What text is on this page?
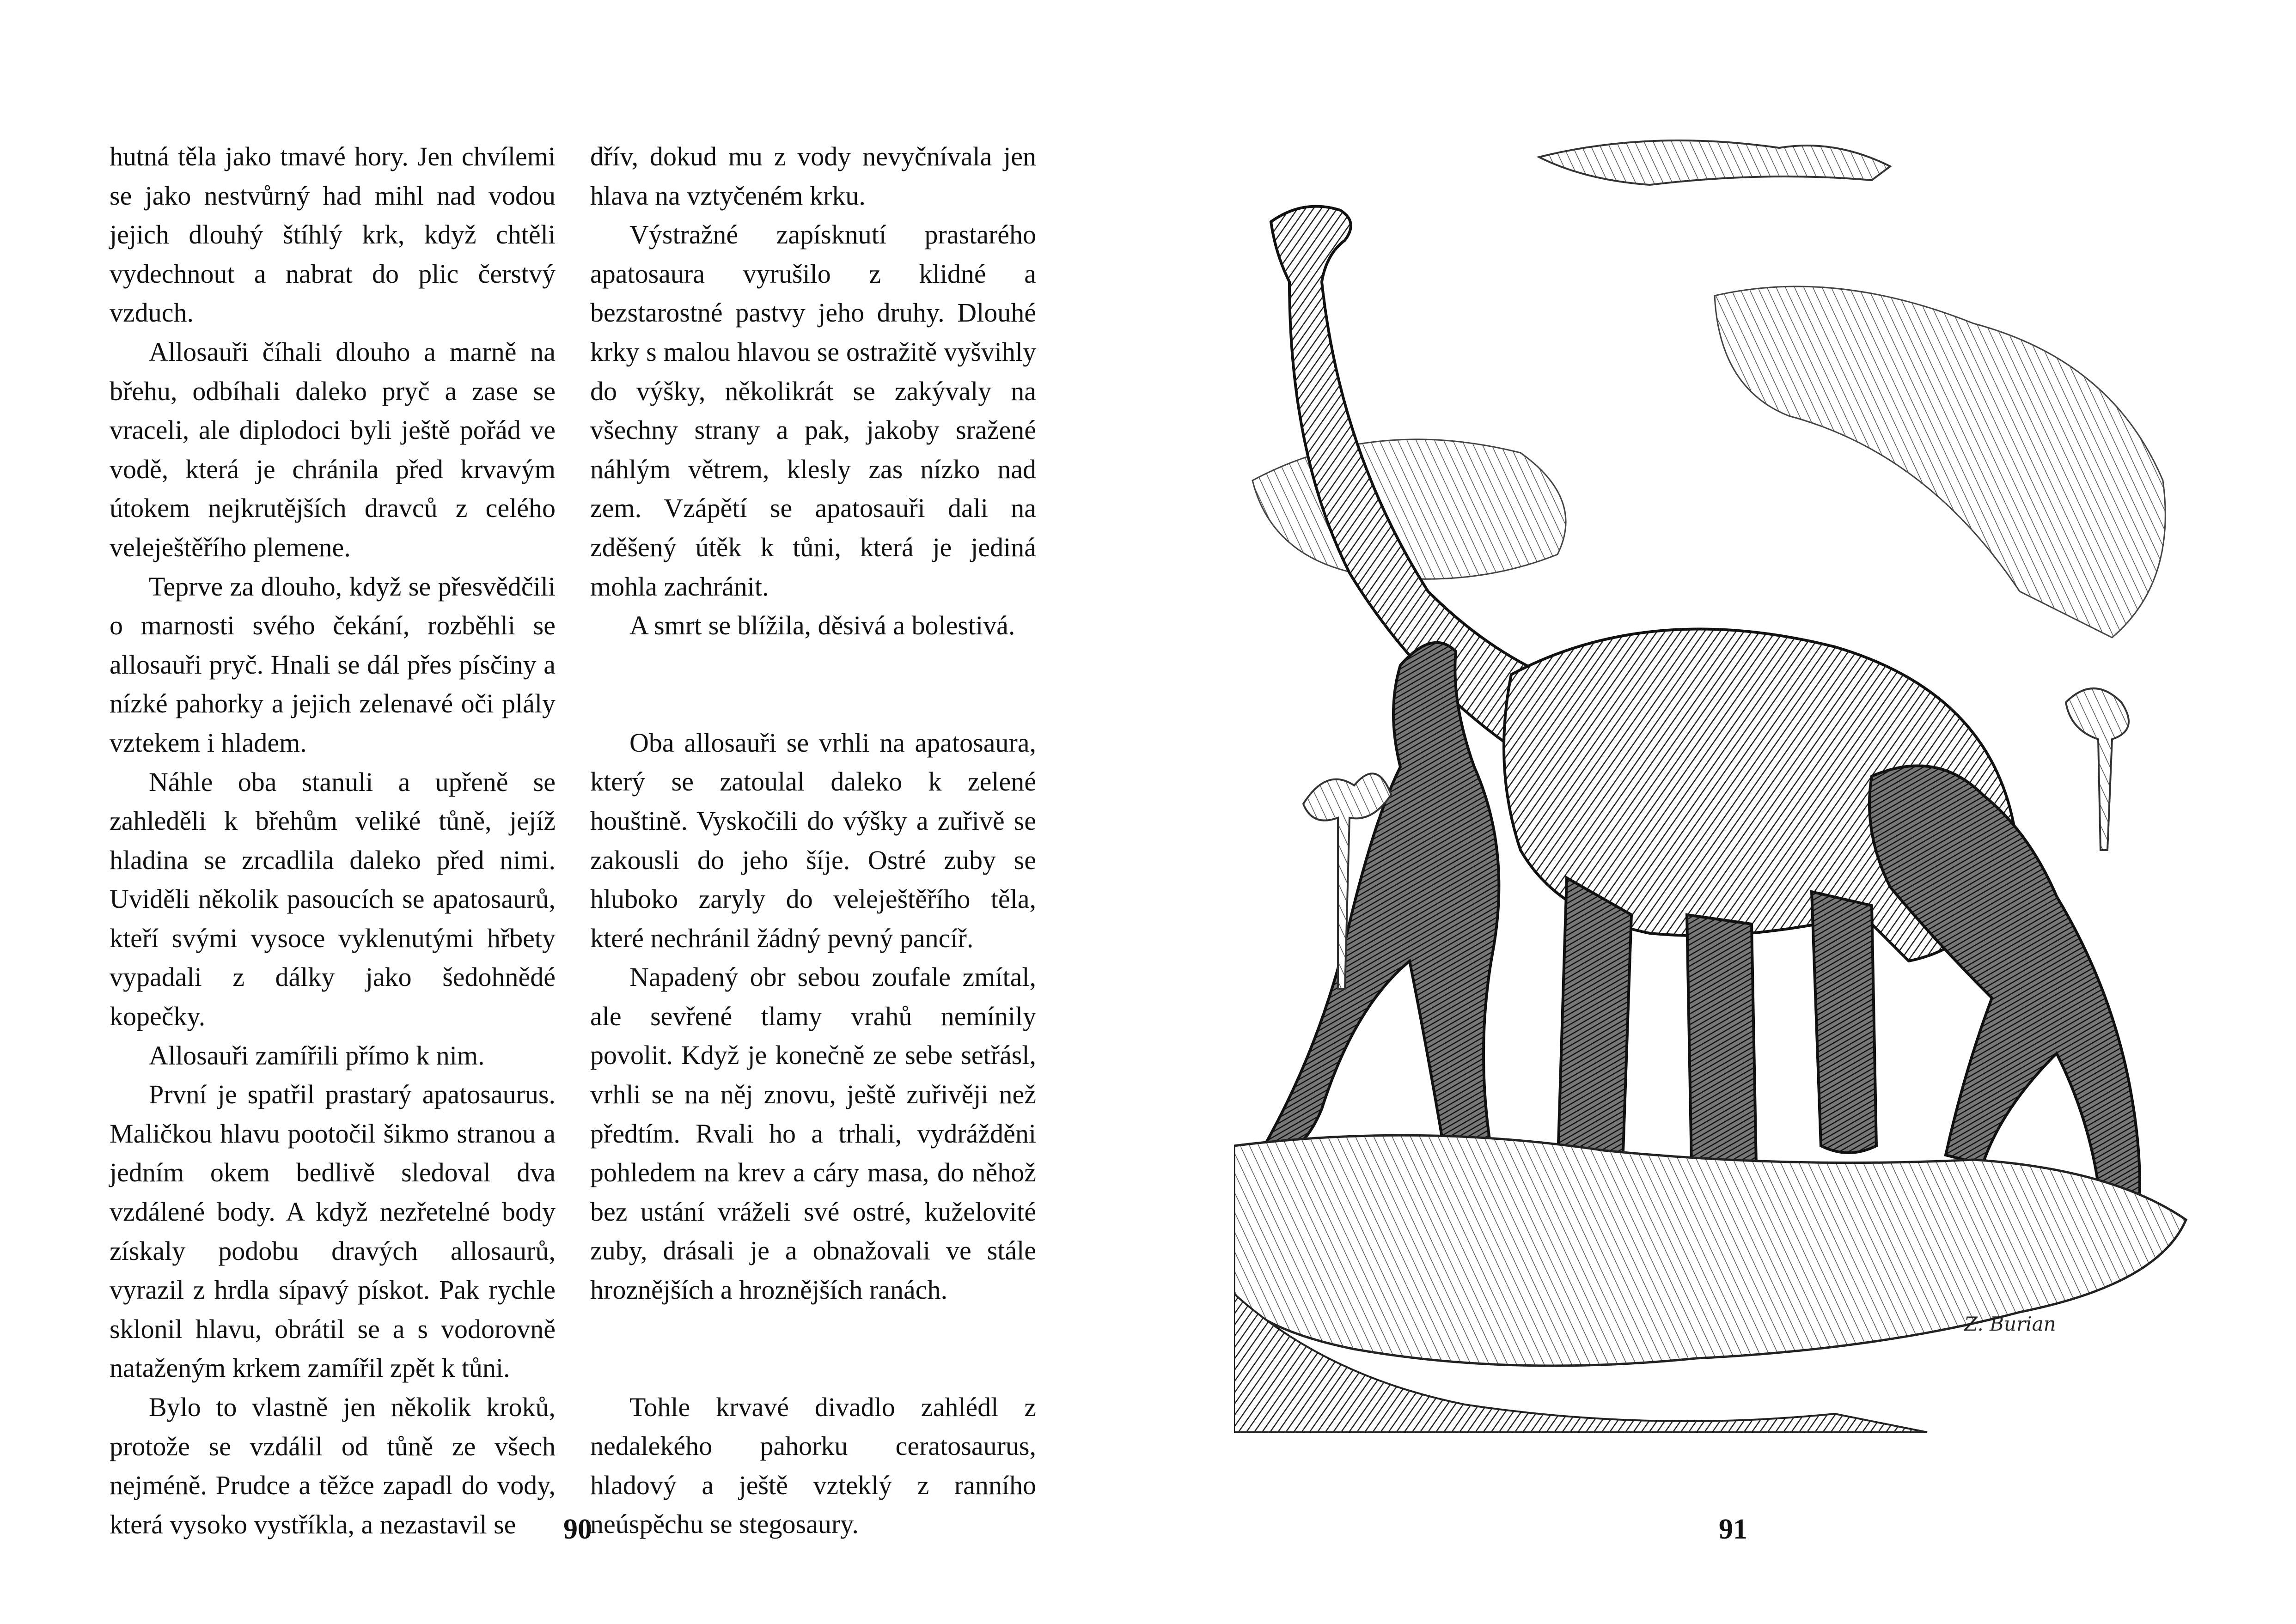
hutná těla jako tmavé hory. Jen chvílemi se jako nestvůrný had mihl nad vodou jejich dlouhý štíhlý krk, když chtěli vydechnout a nabrat do plic čerstvý vzduch.

Allosauři číhali dlouho a marně na břehu, odbíhali daleko pryč a zase se vraceli, ale diplodoci byli ještě pořád ve vodě, která je chránila před krvavým útokem nejkrutějších dravců z celého veleještěřího plemene.

Teprve za dlouho, když se přesvědčili o marnosti svého čekání, rozběhli se allosauři pryč. Hnali se dál přes písčiny a nízké pahorky a jejich zelenavé oči plály vztekem i hladem.

Náhle oba stanuli a upřeně se zahleděli k břehům veliké tůně, jejíž hladina se zrcadlila daleko před nimi. Uviděli několik pasoucích se apatosaurů, kteří svými vysoce vyklenutými hřbety vypadali z dálky jako šedohnědé kopečky.

Allosauři zamířili přímo k nim.

První je spatřil prastarý apatosaurus. Maličkou hlavu pootočil šikmo stranou a jedním okem bedlivě sledoval dva vzdálené body. A když nezřetelné body získaly podobu dravých allosaurů, vyrazil z hrdla sípavý pískot. Pak rychle sklonil hlavu, obrátil se a s vodorovně nataženým krkem zamířil zpět k tůni.

Bylo to vlastně jen několik kroků, protože se vzdálil od tůně ze všech nejméně. Prudce a těžce zapadl do vody, která vysoko vystříkla, a nezastavil se

dřív, dokud mu z vody nevyčnívala jen hlava na vztyčeném krku.

Výstražné zapísknutí prastarého apatosaura vyrušilo z klidné a bezstarostné pastvy jeho druhy. Dlouhé krky s malou hlavou se ostražitě vyšvihly do výšky, několikrát se zakývaly na všechny strany a pak, jakoby sražené náhlým větrem, klesly zas nízko nad zem. Vzápětí se apatosauři dali na zděšený útěk k tůni, která je jediná mohla zachránit.

A smrt se blížila, děsivá a bolestivá.

Oba allosauři se vrhli na apatosaura, který se zatoulal daleko k zelené houštině. Vyskočili do výšky a zuřivě se zakousli do jeho šíje. Ostré zuby se hluboko zaryly do veleještěřího těla, které nechránil žádný pevný pancíř.

Napadený obr sebou zoufale zmítal, ale sevřené tlamy vrahů nemínily povolit. Když je konečně ze sebe setřásl, vrhli se na něj znovu, ještě zuřivěji než předtím. Rvali ho a trhali, vydrážděni pohledem na krev a cáry masa, do něhož bez ustání vráželi své ostré, kuželovité zuby, drásali je a obnažovali ve stále hroznějších a hroznějších ranách.

Tohle krvavé divadlo zahlédl z nedalekého pahorku ceratosaurus, hladový a ještě vzteklý z ranního neúspěchu se stegosaury.

90
Z. Burian
91
